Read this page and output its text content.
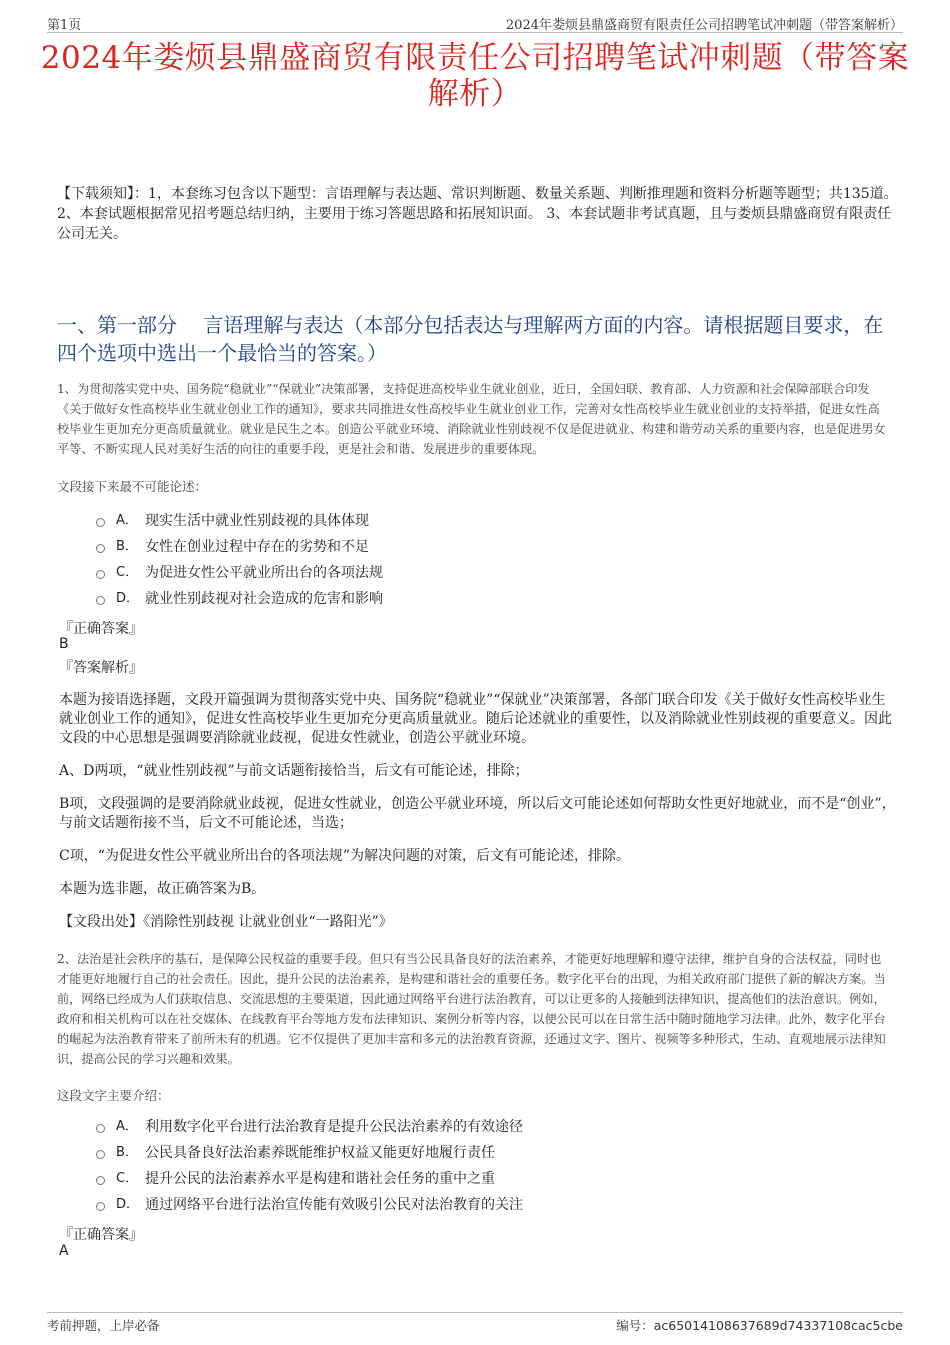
第1页	2024年娄烦县鼎盛商贸有限责任公司招聘笔试冲刺题（带答案解析）
2024年娄烦县鼎盛商贸有限责任公司招聘笔试冲刺题（带答案解析）
【下载须知】：1，本套练习包含以下题型：言语理解与表达题、常识判断题、数量关系题、判断推理题和资料分析题等题型；共135道。 2、本套试题根据常见招考题总结归纳，主要用于练习答题思路和拓展知识面。 3、本套试题非考试真题，且与娄烦县鼎盛商贸有限责任公司无关。
一、第一部分　 言语理解与表达（本部分包括表达与理解两方面的内容。请根据题目要求，在四个选项中选出一个最恰当的答案。）
1、为贯彻落实党中央、国务院“稳就业”“保就业”决策部署，支持促进高校毕业生就业创业，近日，全国妇联、教育部、人力资源和社会保障部联合印发《关于做好女性高校毕业生就业创业工作的通知》，要求共同推进女性高校毕业生就业创业工作，完善对女性高校毕业生就业创业的支持举措，促进女性高校毕业生更加充分更高质量就业。就业是民生之本。创造公平就业环境、消除就业性别歧视不仅是促进就业、构建和谐劳动关系的重要内容，也是促进男女平等、不断实现人民对美好生活的向往的重要手段，更是社会和谐、发展进步的重要体现。
文段接下来最不可能论述：
A． 现实生活中就业性别歧视的具体体现
B． 女性在创业过程中存在的劣势和不足
C． 为促进女性公平就业所出台的各项法规
D． 就业性别歧视对社会造成的危害和影响
『正确答案』
B
『答案解析』
本题为接语选择题，文段开篇强调为贯彻落实党中央、国务院“稳就业”“保就业”决策部署，各部门联合印发《关于做好女性高校毕业生就业创业工作的通知》，促进女性高校毕业生更加充分更高质量就业。随后论述就业的重要性，以及消除就业性别歧视的重要意义。因此文段的中心思想是强调要消除就业歧视，促进女性就业，创造公平就业环境。
A、D两项，“就业性别歧视”与前文话题衔接恰当，后文有可能论述，排除；
B项，文段强调的是要消除就业歧视，促进女性就业，创造公平就业环境，所以后文可能论述如何帮助女性更好地就业，而不是“创业”，与前文话题衔接不当，后文不可能论述，当选；
C项，“为促进女性公平就业所出台的各项法规”为解决问题的对策，后文有可能论述，排除。
本题为选非题，故正确答案为B。
【文段出处】《消除性别歧视 让就业创业“一路阳光”》
2、法治是社会秩序的基石，是保障公民权益的重要手段。但只有当公民具备良好的法治素养，才能更好地理解和遵守法律，维护自身的合法权益，同时也才能更好地履行自己的社会责任。因此，提升公民的法治素养，是构建和谐社会的重要任务。数字化平台的出现，为相关政府部门提供了新的解决方案。当前，网络已经成为人们获取信息、交流思想的主要渠道，因此通过网络平台进行法治教育，可以让更多的人接触到法律知识，提高他们的法治意识。例如，政府和相关机构可以在社交媒体、在线教育平台等地方发布法律知识、案例分析等内容，以便公民可以在日常生活中随时随地学习法律。此外，数字化平台的崛起为法治教育带来了前所未有的机遇。它不仅提供了更加丰富和多元的法治教育资源，还通过文字、图片、视频等多种形式，生动、直观地展示法律知识，提高公民的学习兴趣和效果。
这段文字主要介绍：
A． 利用数字化平台进行法治教育是提升公民法治素养的有效途径
B． 公民具备良好法治素养既能维护权益又能更好地履行责任
C． 提升公民的法治素养水平是构建和谐社会任务的重中之重
D． 通过网络平台进行法治宣传能有效吸引公民对法治教育的关注
『正确答案』
A
考前押题，上岸必备	编号：ac65014108637689d74337108cac5cbe
